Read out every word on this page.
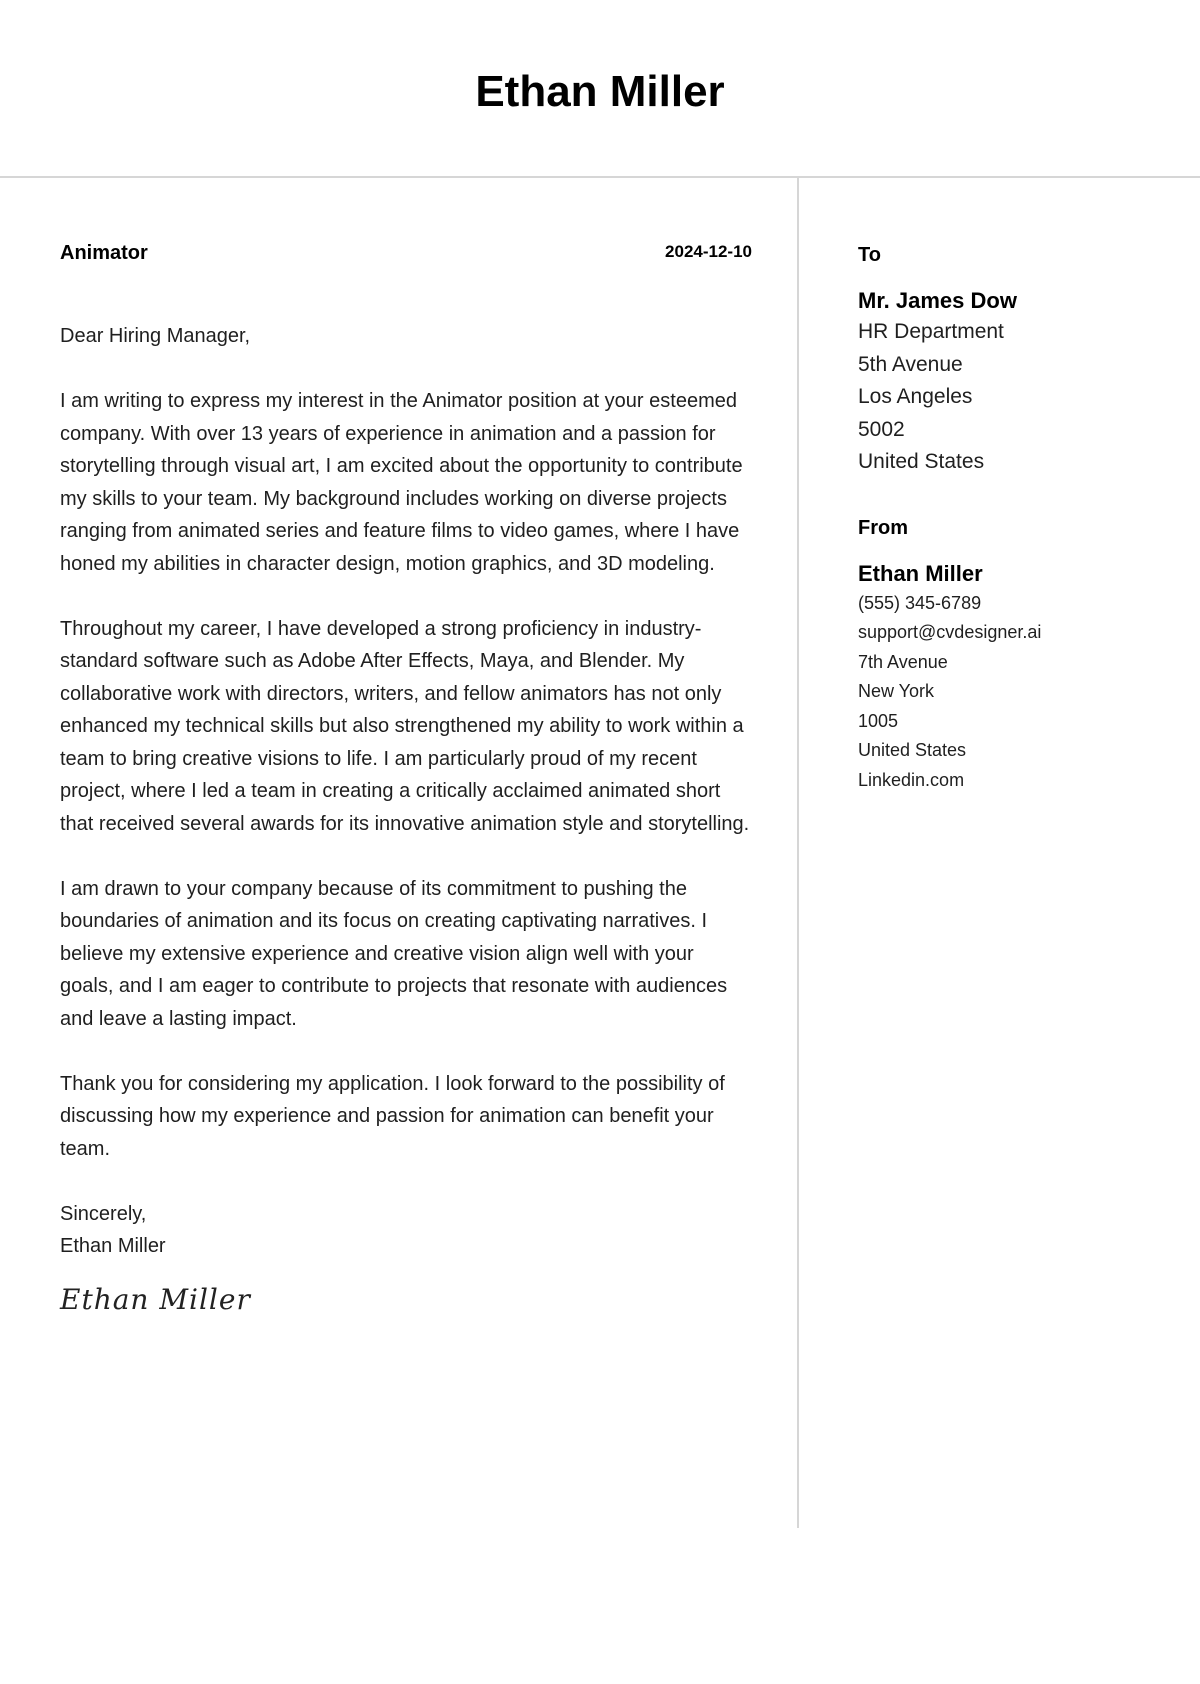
Ethan Miller
Animator	2024-12-10

Dear Hiring Manager,

I am writing to express my interest in the Animator position at your esteemed company. With over 13 years of experience in animation and a passion for storytelling through visual art, I am excited about the opportunity to contribute my skills to your team. My background includes working on diverse projects ranging from animated series and feature films to video games, where I have honed my abilities in character design, motion graphics, and 3D modeling.

Throughout my career, I have developed a strong proficiency in industry-standard software such as Adobe After Effects, Maya, and Blender. My collaborative work with directors, writers, and fellow animators has not only enhanced my technical skills but also strengthened my ability to work within a team to bring creative visions to life. I am particularly proud of my recent project, where I led a team in creating a critically acclaimed animated short that received several awards for its innovative animation style and storytelling.

I am drawn to your company because of its commitment to pushing the boundaries of animation and its focus on creating captivating narratives. I believe my extensive experience and creative vision align well with your goals, and I am eager to contribute to projects that resonate with audiences and leave a lasting impact.

Thank you for considering my application. I look forward to the possibility of discussing how my experience and passion for animation can benefit your team.

Sincerely,
Ethan Miller
Ethan Miller
To
Mr. James Dow
HR Department
5th Avenue
Los Angeles
5002
United States
From
Ethan Miller
(555) 345-6789
support@cvdesigner.ai
7th Avenue
New York
1005
United States
Linkedin.com
